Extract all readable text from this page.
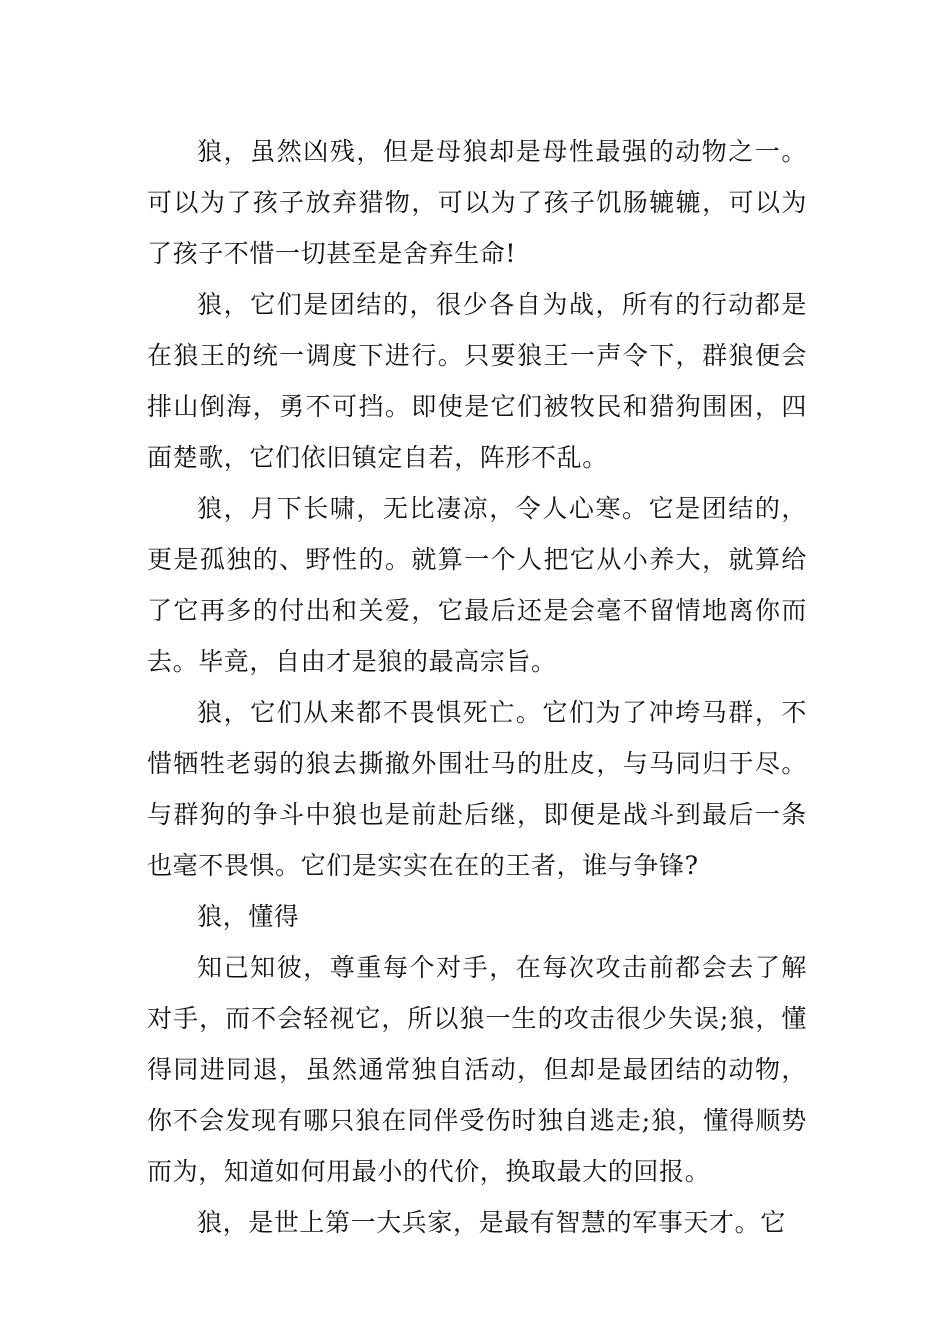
狼，虽然凶残，但是母狼却是母性最强的动物之一。可以为了孩子放弃猎物，可以为了孩子饥肠辘辘，可以为了孩子不惜一切甚至是舍弃生命!

狼，它们是团结的，很少各自为战，所有的行动都是在狼王的统一调度下进行。只要狼王一声令下，群狼便会排山倒海，勇不可挡。即使是它们被牧民和猎狗围困，四面楚歌，它们依旧镇定自若，阵形不乱。

狼，月下长啸，无比凄凉，令人心寒。它是团结的，更是孤独的、野性的。就算一个人把它从小养大，就算给了它再多的付出和关爱，它最后还是会毫不留情地离你而去。毕竟，自由才是狼的最高宗旨。

狼，它们从来都不畏惧死亡。它们为了冲垮马群，不惜牺牲老弱的狼去撕撤外围壮马的肚皮，与马同归于尽。与群狗的争斗中狼也是前赴后继，即便是战斗到最后一条也毫不畏惧。它们是实实在在的王者，谁与争锋?

狼，懂得

知己知彼，尊重每个对手，在每次攻击前都会去了解对手，而不会轻视它，所以狼一生的攻击很少失误;狼，懂得同进同退，虽然通常独自活动，但却是最团结的动物，你不会发现有哪只狼在同伴受伤时独自逃走;狼，懂得顺势而为，知道如何用最小的代价，换取最大的回报。

狼，是世上第一大兵家，是最有智慧的军事天才。它
